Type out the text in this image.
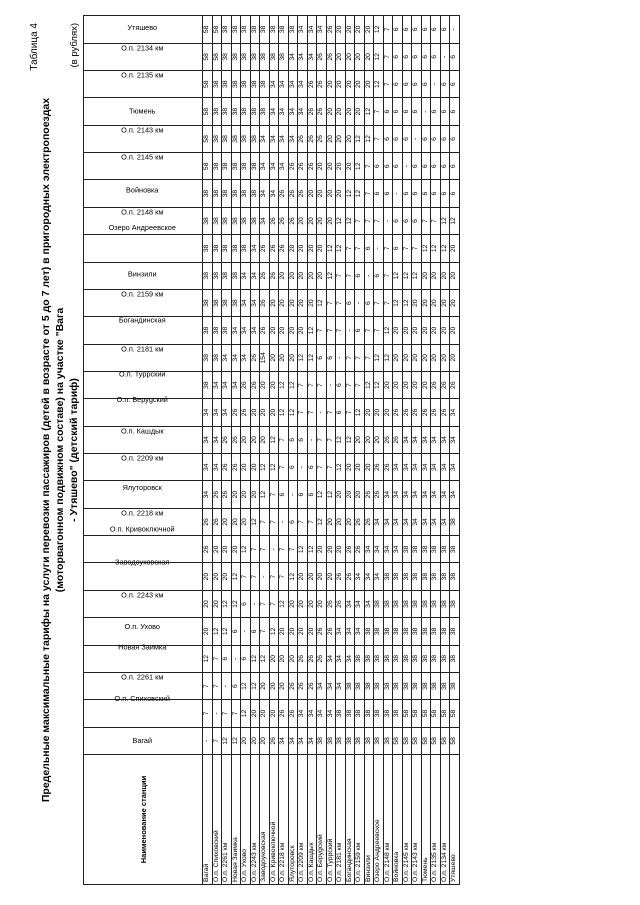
Таблица 4
Предельные максимальные тарифы на услуги перевозки пассажиров (детей в возрасте от 5 до 7 лет) в пригородных электропоездах (моторвагонном подвижном составе) на участке "Вага - Утяшево" (детский тариф)
(в рублях)
Наименование станции	Вагай	О.п. Спиховский	О.п. 2261 км	Новая Заимка	О.п. Ухово	О.п. 2243 км	Заводоуковская	О.п. Кривоключной	О.п. 2218 км	Ялуторовск	О.п. 2209 км	О.п. Кашдык	О.п. Беруgский	О.п. Туpрский	О.п. 2181 км	Богандинская	О.п. 2159 км	Винзили	Озеро Андреевское	О.п. 2148 км	Войновка	О.п. 2145 км	О.п. 2143 км	Тюмень	О.п. 2135 км	О.п. 2134 км	Утяшево
Вагай	-	7	7	12	20	20	20	26	26	34	34	34	34	38	38	38	38	38	38	38	38	58	58	58	58	58	58
О.п. Спиховский	7	-	7	7	12	20	20	20	26	26	34	34	34	34	38	38	38	38	38	38	38	38	38	38	38	58	58
О.п. 2261 км	12	7	-	6	12	12	20	20	20	26	26	26	34	34	34	38	38	38	38	38	38	38	38	38	38	38	38
Новая Заимка	12	7	6	-	6	12	12	20	20	20	26	26	26	34	34	34	38	38	38	38	38	38	38	38	38	38	38
О.п. Ухово	20	12	12	6	-	6	7	12	20	20	20	20	26	26	34	34	34	34	38	38	38	38	38	38	38	38	38
О.п. 2243 км	20	20	12	12	6	-	7	7	12	20	20	20	20	26	26	34	34	34	34	38	38	38	38	38	38	38	38
Заводоуковская	20	20	20	12	7	7	-	7	7	12	12	20	20	20	154	26	26	26	26	34	34	34	34	38	38	38	38
О.п. Кривоключной	26	20	20	20	12	7	7	-	7	7	12	12	20	20	20	20	20	26	26	26	34	34	34	34	34	38	38
О.п. 2218 км	34	26	20	20	20	12	7	7	-	6	7	7	12	12	20	20	20	20	26	26	26	34	34	34	34	38	38
Ялуторовск	34	26	26	20	20	20	12	7	6	-	6	6	12	12	20	20	20	20	20	26	26	26	34	34	34	34	38
О.п. 2209 км	34	34	26	26	20	20	20	12	7	6	-	6	7	7	12	20	20	20	20	20	26	26	26	34	34	34	34
О.п. Кашдык	34	34	26	26	20	20	20	12	7	6	6	-	7	7	12	12	20	20	20	20	20	26	26	26	26	34	34
О.п. Беруgский	38	34	34	26	26	20	20	20	12	12	7	7	-	7	6	7	12	20	20	20	20	20	26	26	26	26	34
О.п. Туpрский	38	34	34	34	26	26	20	20	20	12	7	7	7	-	6	7	7	12	12	20	20	20	20	20	20	26	26
О.п. 2181 км	38	38	34	34	34	26	26	20	20	20	12	12	6	6	-	7	7	7	12	12	20	20	20	20	20	20	20
Богандинская	38	38	38	34	34	34	26	26	20	20	20	12	7	7	7	-	6	7	7	12	12	20	20	20	20	20	20
О.п. 2159 км	38	38	38	38	34	34	34	26	26	20	20	20	12	7	7	6	-	6	7	7	12	12	12	20	20	20	20
Винзили	38	38	38	38	38	34	34	34	26	26	20	20	20	12	7	7	6	-	6	7	7	7	12	12	20	20	20
Озеро Андреевское	38	38	38	38	38	38	34	34	34	26	26	20	20	12	12	7	7	6	-	7	6	6	7	7	12	12	12
О.п. 2148 км	38	38	38	38	38	38	38	34	34	34	26	26	20	20	12	12	7	7	7	-	6	6	6	6	7	7	7
Войновка	58	38	38	38	38	38	38	34	34	34	34	26	26	20	20	20	12	12	6	6	-	6	6	6	6	6	6
О.п. 2145 км	58	58	38	38	38	38	38	38	34	34	34	34	26	20	20	20	12	12	7	6	6	-	6	6	6	6	6
О.п. 2143 км	58	58	38	38	38	38	38	38	34	34	34	34	26	20	20	20	20	12	7	6	6	6	-	6	6	6	6
Тюмень	58	58	38	38	38	38	38	38	34	34	34	34	26	20	20	20	20	20	12	7	6	6	6	-	6	6	6
О.п. 2135 км	58	58	38	38	38	38	38	38	34	34	34	34	26	26	20	20	20	20	12	7	6	6	6	6	-	6	6
О.п. 2134 км	58	58	38	38	38	38	38	38	34	34	34	34	26	26	20	20	20	20	12	12	6	6	6	6	6	-	6
Утяшево	58	58	38	38	38	38	38	38	38	34	34	34	34	26	20	20	20	20	20	12	6	6	6	6	6	6	-
